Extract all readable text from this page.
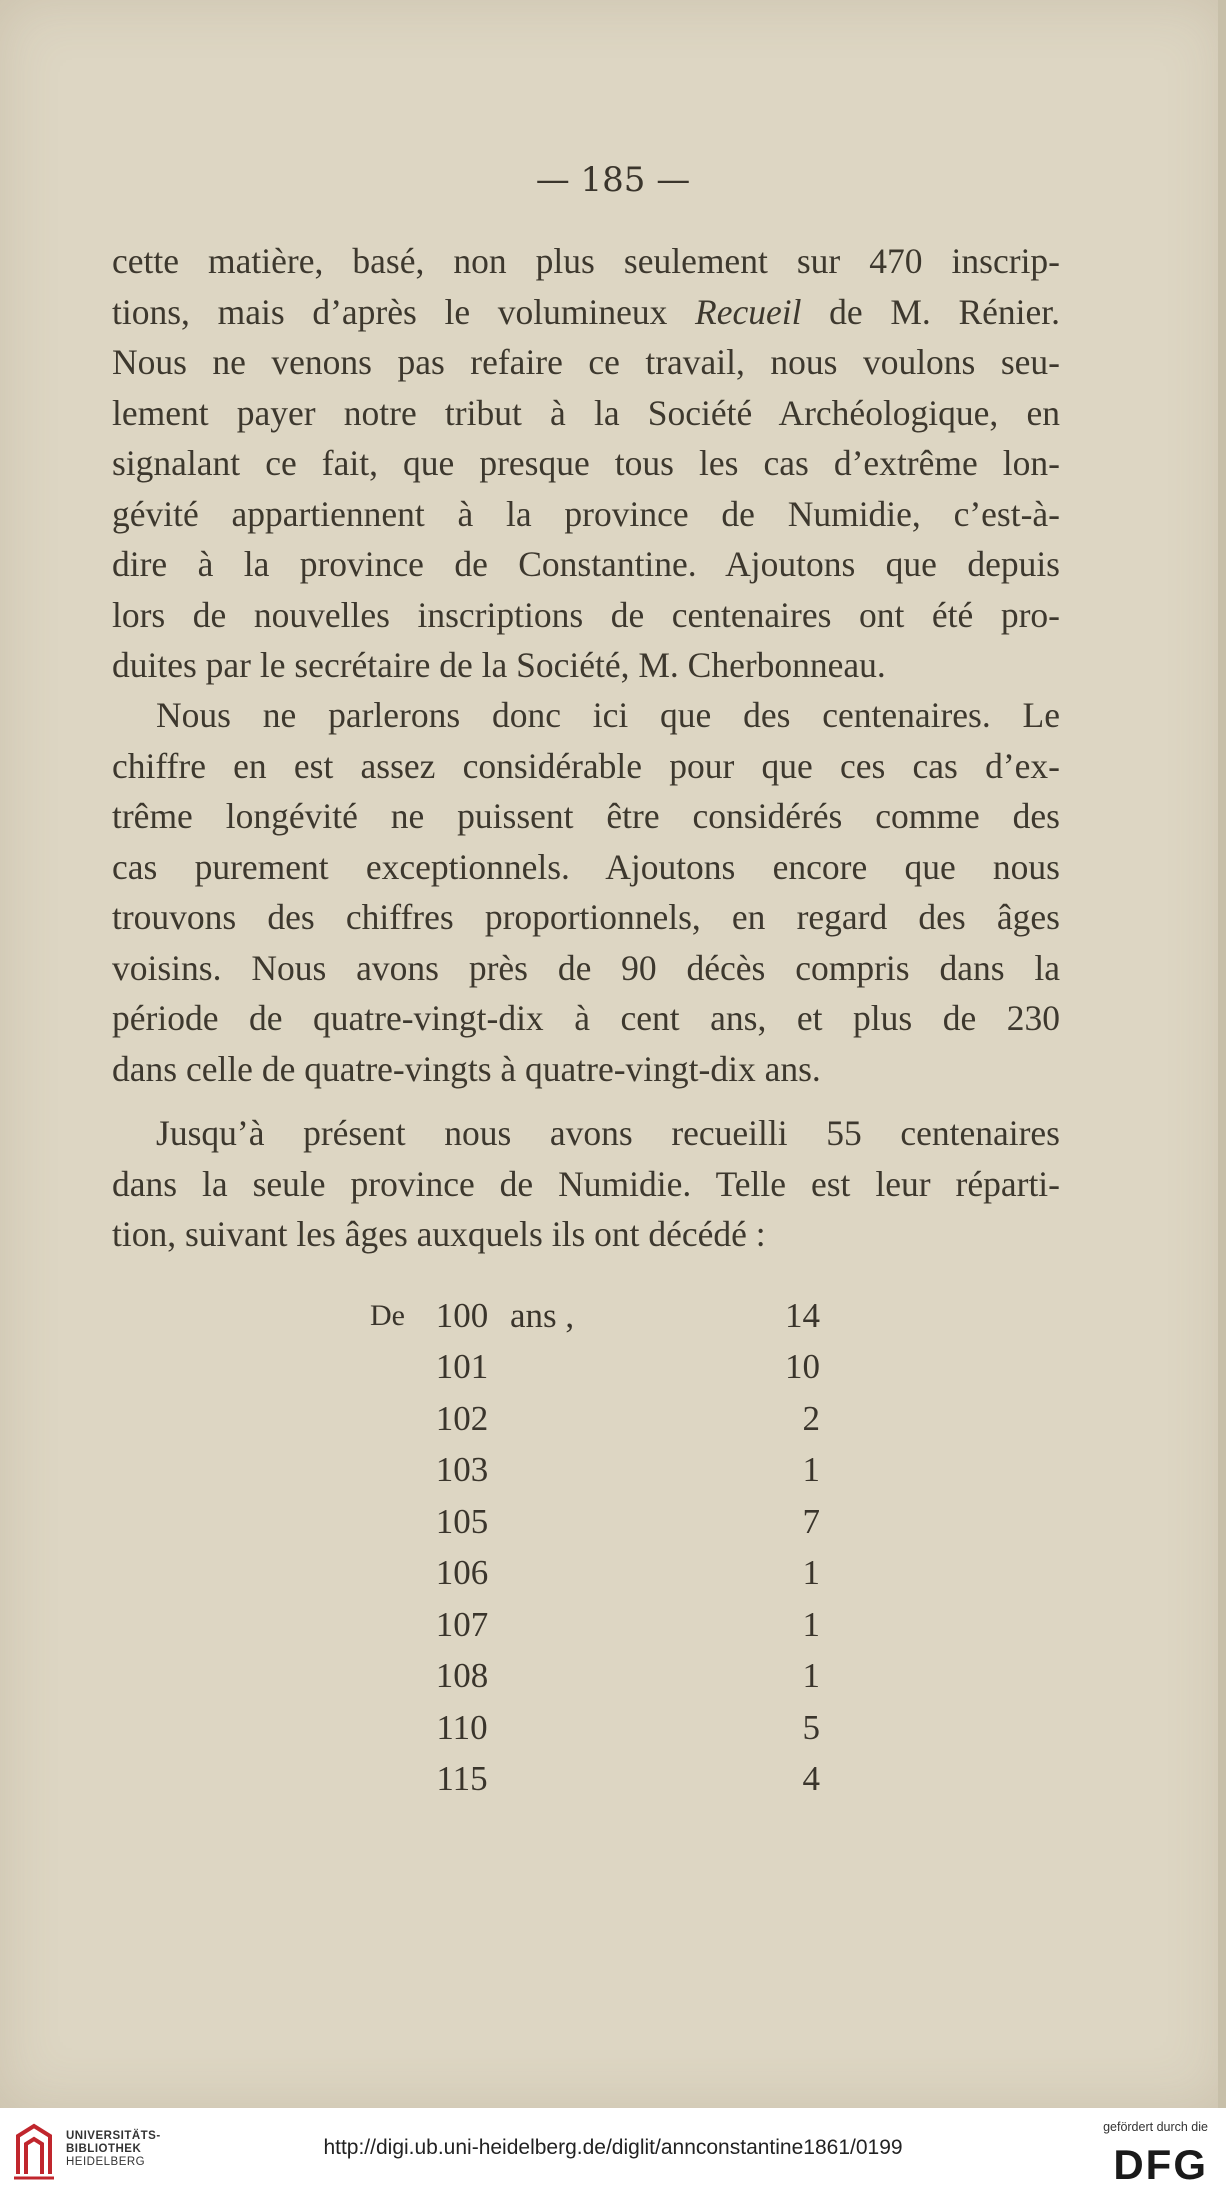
— 185 —
cette matière, basé, non plus seulement sur 470 inscrip-
tions, mais d’après le volumineux Recueil de M. Rénier.
Nous ne venons pas refaire ce travail, nous voulons seu-
lement payer notre tribut à la Société Archéologique, en
signalant ce fait, que presque tous les cas d’extrême lon-
gévité appartiennent à la province de Numidie, c’est-à-
dire à la province de Constantine. Ajoutons que depuis
lors de nouvelles inscriptions de centenaires ont été pro-
duites par le secrétaire de la Société, M. Cherbonneau.
Nous ne parlerons donc ici que des centenaires. Le
chiffre en est assez considérable pour que ces cas d’ex-
trême longévité ne puissent être considérés comme des
cas purement exceptionnels. Ajoutons encore que nous
trouvons des chiffres proportionnels, en regard des âges
voisins. Nous avons près de 90 décès compris dans la
période de quatre-vingt-dix à cent ans, et plus de 230
dans celle de quatre-vingts à quatre-vingt-dix ans.
Jusqu’à présent nous avons recueilli 55 centenaires
dans la seule province de Numidie. Telle est leur réparti-
tion, suivant les âges auxquels ils ont décédé :
De 100 ans ,	14
101	10
102	2
103	1
105	7
106	1
107	1
108	1
110	5
115	4
UNIVERSITÄTS-
BIBLIOTHEK
HEIDELBERG
http://digi.ub.uni-heidelberg.de/diglit/annconstantine1861/0199
gefördert durch die
DFG
